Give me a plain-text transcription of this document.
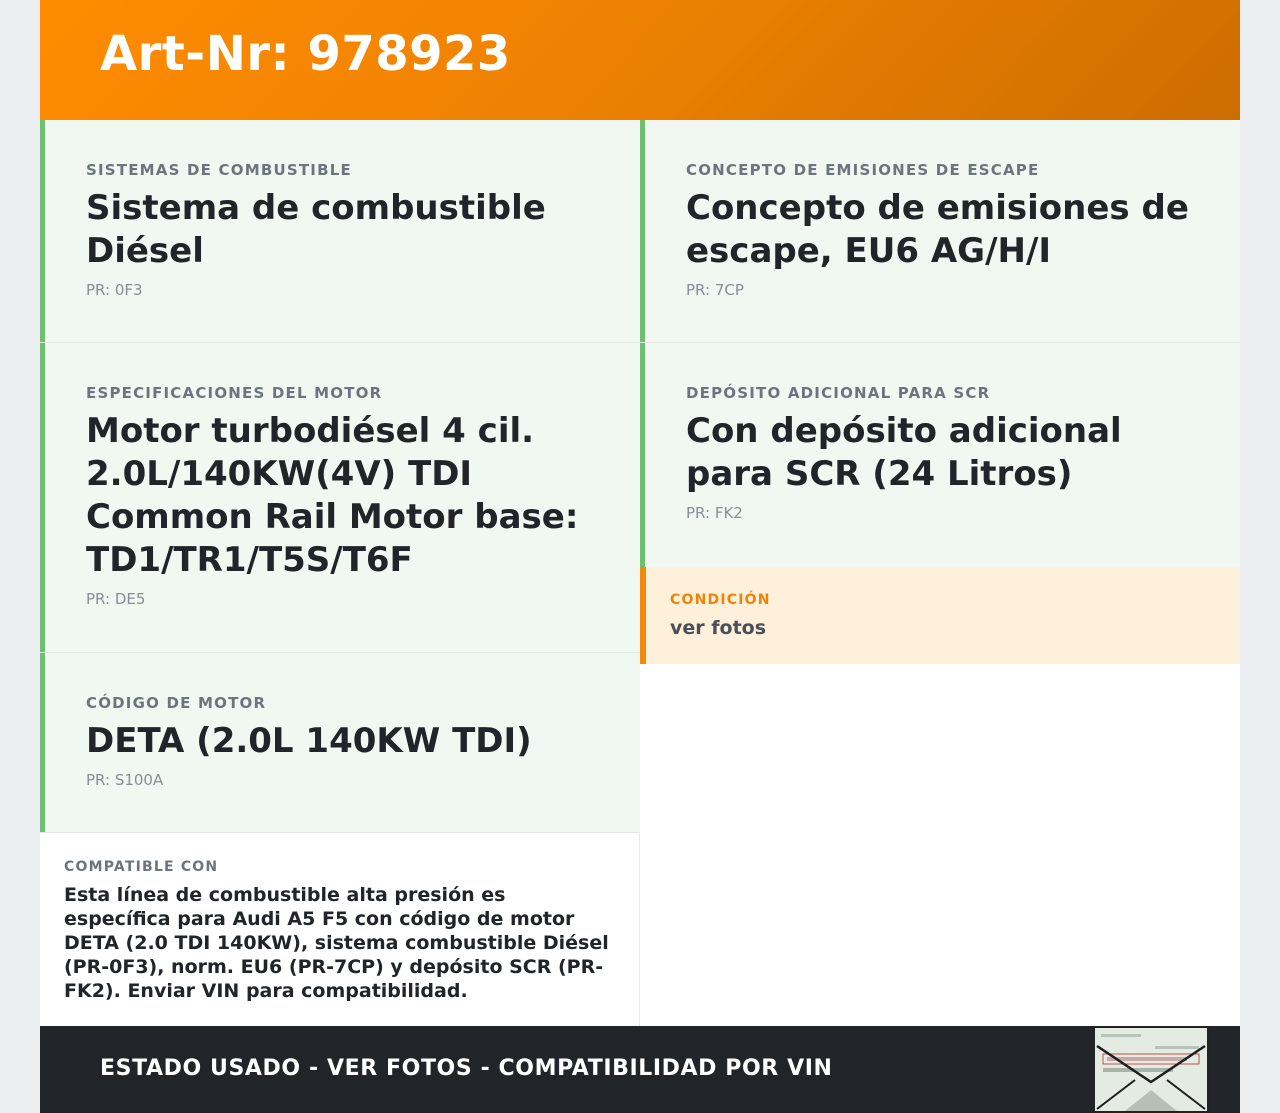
Art-Nr: 978923
SISTEMAS DE COMBUSTIBLE
Sistema de combustible Diésel
PR: 0F3
CONCEPTO DE EMISIONES DE ESCAPE
Concepto de emisiones de escape, EU6 AG/H/I
PR: 7CP
ESPECIFICACIONES DEL MOTOR
Motor turbodiésel 4 cil. 2.0L/140KW(4V) TDI Common Rail Motor base: TD1/TR1/T5S/T6F
PR: DE5
DEPÓSITO ADICIONAL PARA SCR
Con depósito adicional para SCR (24 Litros)
PR: FK2
CONDICIÓN
ver fotos
CÓDIGO DE MOTOR
DETA (2.0L 140KW TDI)
PR: S100A
COMPATIBLE CON
Esta línea de combustible alta presión es específica para Audi A5 F5 con código de motor DETA (2.0 TDI 140KW), sistema combustible Diésel (PR-0F3), norm. EU6 (PR-7CP) y depósito SCR (PR-FK2). Enviar VIN para compatibilidad.
ESTADO USADO - VER FOTOS - COMPATIBILIDAD POR VIN
